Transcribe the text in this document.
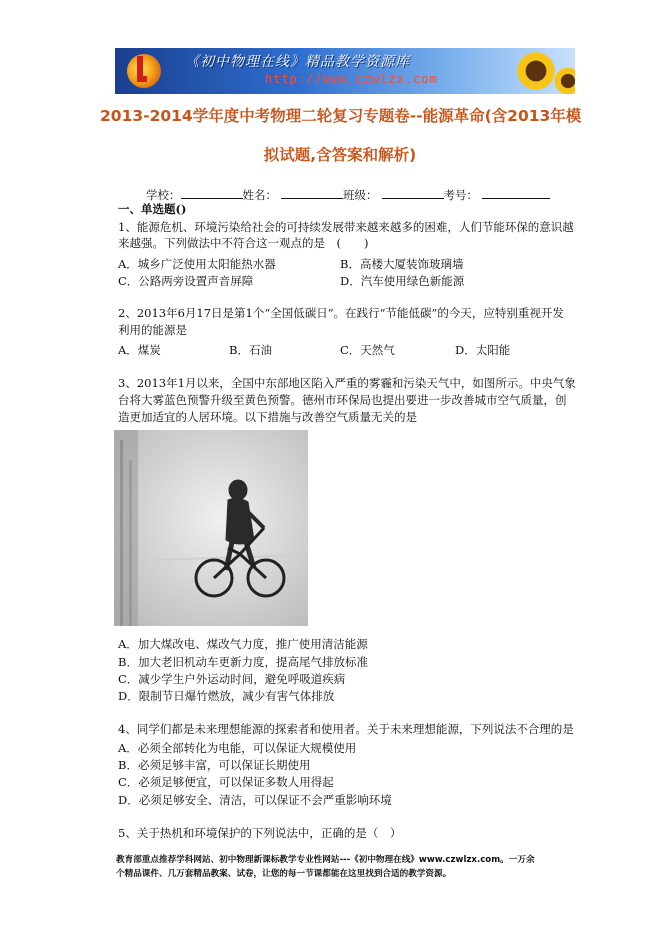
《初中物理在线》精品教学资源库
http://www.czwlzx.com
2013-2014学年度中考物理二轮复习专题卷--能源革命(含2013年模
拟试题,含答案和解析)
学校：	姓名：	班级：	考号：
一、单选题()
1、能源危机、环境污染给社会的可持续发展带来越来越多的困难，人们节能环保的意识越
来越强。下列做法中不符合这一观点的是　(　　)
A．城乡广泛使用太阳能热水器	B．高楼大厦装饰玻璃墙
C．公路两旁设置声音屏障	D．汽车使用绿色新能源
2、2013年6月17日是第1个“全国低碳日”。在践行“节能低碳”的今天，应特别重视开发
利用的能源是
A．煤炭	B．石油	C．天然气	D．太阳能
3、2013年1月以来，全国中东部地区陷入严重的雾霾和污染天气中，如图所示。中央气象
台将大雾蓝色预警升级至黄色预警。德州市环保局也提出要进一步改善城市空气质量，创
造更加适宜的人居环境。以下措施与改善空气质量无关的是
A．加大煤改电、煤改气力度，推广使用清洁能源
B．加大老旧机动车更新力度，提高尾气排放标准
C．减少学生户外运动时间，避免呼吸道疾病
D．限制节日爆竹燃放，减少有害气体排放
4、同学们都是未来理想能源的探索者和使用者。关于未来理想能源，下列说法不合理的是
A．必须全部转化为电能，可以保证大规模使用
B．必须足够丰富，可以保证长期使用
C．必须足够便宜，可以保证多数人用得起
D．必须足够安全、清洁，可以保证不会严重影响环境
5、关于热机和环境保护的下列说法中，正确的是（　）
教育部重点推荐学科网站、初中物理新课标教学专业性网站---《初中物理在线》www.czwlzx.com。一万余
个精品课件、几万套精品教案、试卷，让您的每一节课都能在这里找到合适的教学资源。
